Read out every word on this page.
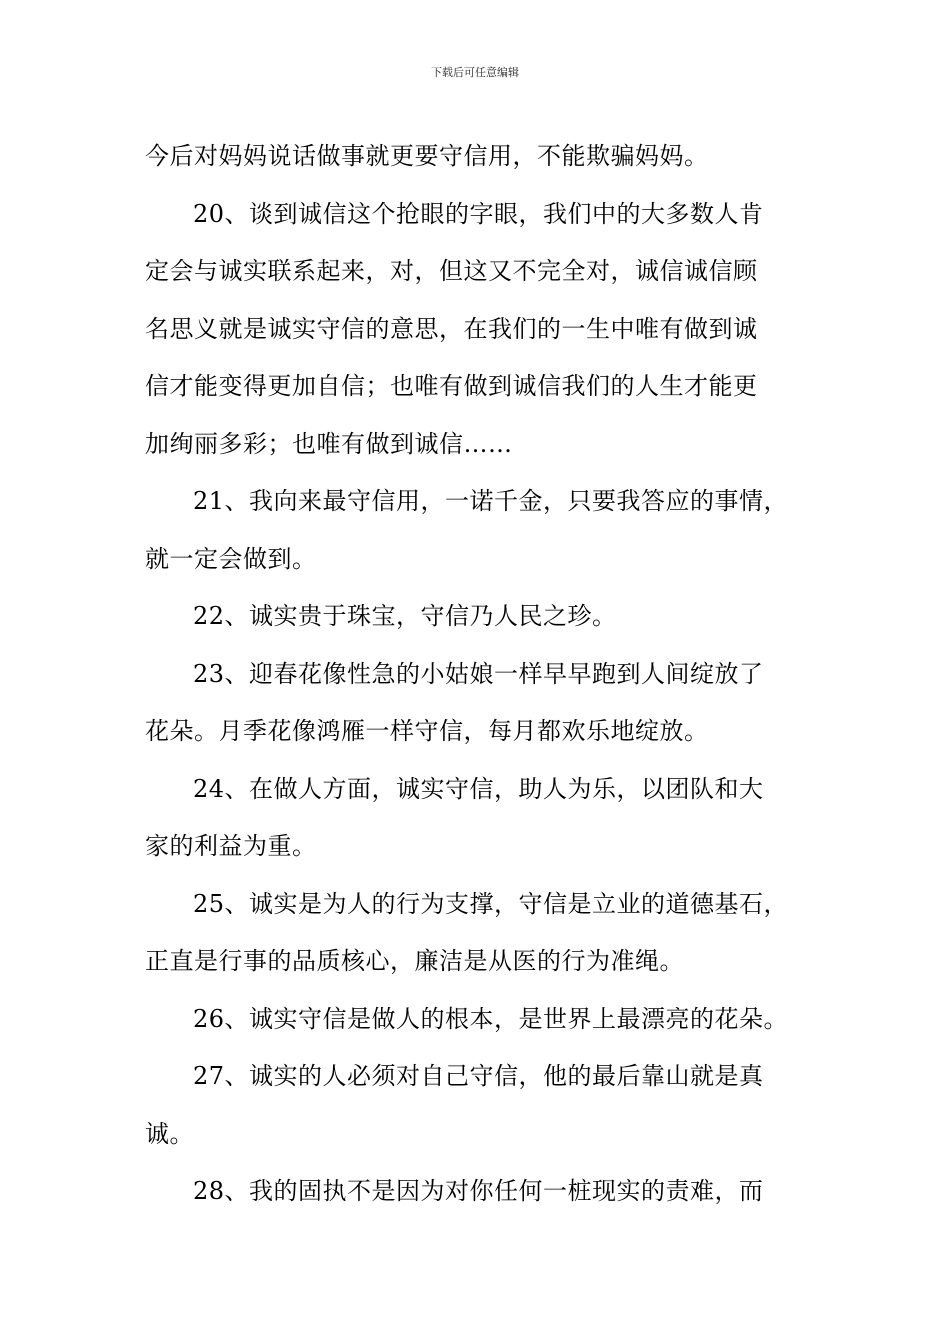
下载后可任意编辑
今后对妈妈说话做事就更要守信用，不能欺骗妈妈。
20、谈到诚信这个抢眼的字眼，我们中的大多数人肯
定会与诚实联系起来，对，但这又不完全对，诚信诚信顾
名思义就是诚实守信的意思，在我们的一生中唯有做到诚
信才能变得更加自信；也唯有做到诚信我们的人生才能更
加绚丽多彩；也唯有做到诚信……
21、我向来最守信用，一诺千金，只要我答应的事情，
就一定会做到。
22、诚实贵于珠宝，守信乃人民之珍。
23、迎春花像性急的小姑娘一样早早跑到人间绽放了
花朵。月季花像鸿雁一样守信，每月都欢乐地绽放。
24、在做人方面，诚实守信，助人为乐，以团队和大
家的利益为重。
25、诚实是为人的行为支撑，守信是立业的道德基石，
正直是行事的品质核心，廉洁是从医的行为准绳。
26、诚实守信是做人的根本，是世界上最漂亮的花朵。
27、诚实的人必须对自己守信，他的最后靠山就是真
诚。
28、我的固执不是因为对你任何一桩现实的责难，而
